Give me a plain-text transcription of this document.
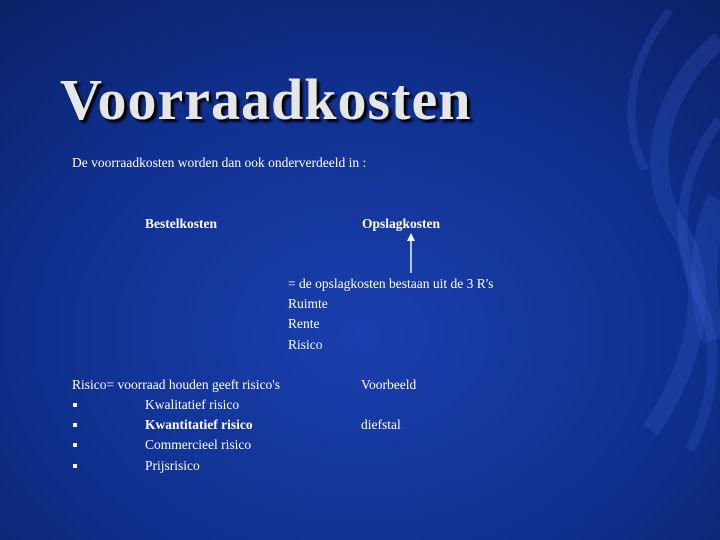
Voorraadkosten
De voorraadkosten worden dan ook onderverdeeld in :
Bestelkosten	Opslagkosten
= de opslagkosten bestaan uit de 3 R's
Ruimte
Rente
Risico
Risico= voorraad houden geeft risico's
Kwalitatief risico
Kwantitatief risico
Commercieel risico
Prijsrisico
Voorbeeld
diefstal
